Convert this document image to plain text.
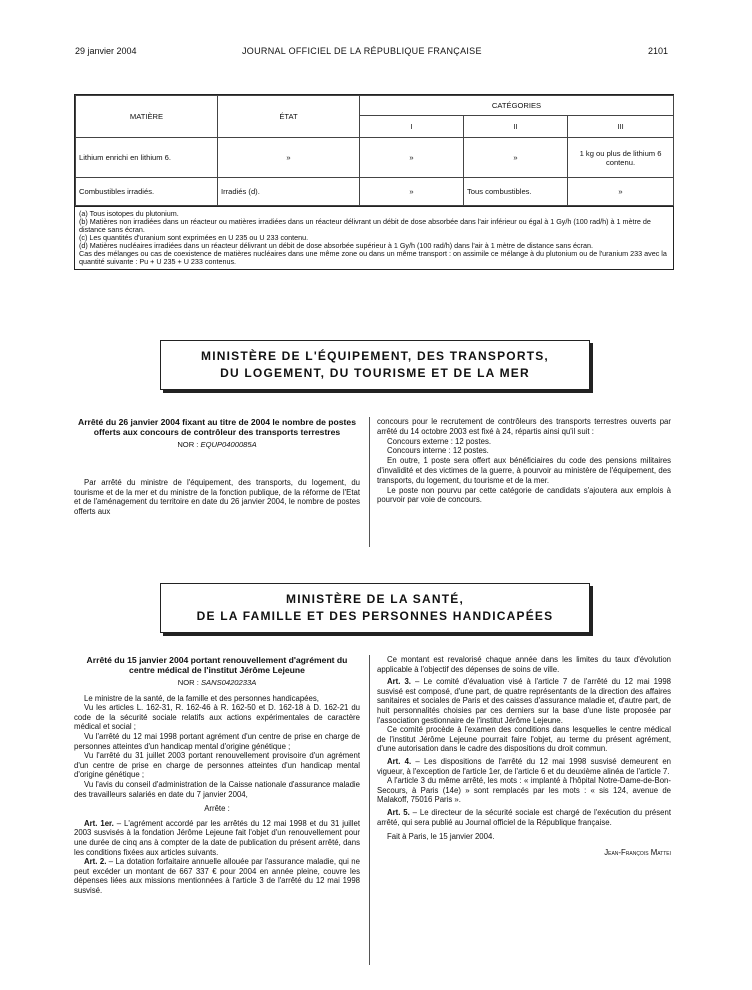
29 janvier 2004	JOURNAL OFFICIEL DE LA RÉPUBLIQUE FRANÇAISE	2101
MATIÈRE	ÉTAT	CATÉGORIES		
		I	II	III
Lithium enrichi en lithium 6.	»	»	»	1 kg ou plus de lithium 6 contenu.
Combustibles irradiés.	Irradiés (d).	»	Tous combustibles.	»

(a) Tous isotopes du plutonium.

(b) Matières non irradiées dans un réacteur ou matières irradiées dans un réacteur délivrant un débit de dose absorbée dans l'air inférieur ou égal à 1 Gy/h (100 rad/h) à 1 mètre de distance sans écran.

(c) Les quantités d'uranium sont exprimées en U 235 ou U 233 contenu.

(d) Matières nucléaires irradiées dans un réacteur délivrant un débit de dose absorbée supérieur à 1 Gy/h (100 rad/h) dans l'air à 1 mètre de distance sans écran.

Cas des mélanges ou cas de coexistence de matières nucléaires dans une même zone ou dans un même transport : on assimile ce mélange à du plutonium ou de l'uranium 233 avec la quantité suivante : Pu + U 235 + U 233 contenus.

MINISTÈRE DE L'ÉQUIPEMENT, DES TRANSPORTS,
DU LOGEMENT, DU TOURISME ET DE LA MER
Arrêté du 26 janvier 2004 fixant au titre de 2004 le nombre de postes offerts aux concours de contrôleur des transports terrestres
NOR : EQUP0400085A

Par arrêté du ministre de l'équipement, des transports, du logement, du tourisme et de la mer et du ministre de la fonction publique, de la réforme de l'Etat et de l'aménagement du territoire en date du 26 janvier 2004, le nombre de postes offerts aux

concours pour le recrutement de contrôleurs des transports terrestres ouverts par arrêté du 14 octobre 2003 est fixé à 24, répartis ainsi qu'il suit :

Concours externe : 12 postes.

Concours interne : 12 postes.

En outre, 1 poste sera offert aux bénéficiaires du code des pensions militaires d'invalidité et des victimes de la guerre, à pourvoir au ministère de l'équipement, des transports, du logement, du tourisme et de la mer.

Le poste non pourvu par cette catégorie de candidats s'ajoutera aux emplois à pourvoir par voie de concours.

MINISTÈRE DE LA SANTÉ,
DE LA FAMILLE ET DES PERSONNES HANDICAPÉES
Arrêté du 15 janvier 2004 portant renouvellement d'agrément du centre médical de l'institut Jérôme Lejeune
NOR : SANS0420233A

Le ministre de la santé, de la famille et des personnes handicapées,

Vu les articles L. 162-31, R. 162-46 à R. 162-50 et D. 162-18 à D. 162-21 du code de la sécurité sociale relatifs aux actions expérimentales de caractère médical et social ;

Vu l'arrêté du 12 mai 1998 portant agrément d'un centre de prise en charge de personnes atteintes d'un handicap mental d'origine génétique ;

Vu l'arrêté du 31 juillet 2003 portant renouvellement provisoire d'un agrément d'un centre de prise en charge de personnes atteintes d'un handicap mental d'origine génétique ;

Vu l'avis du conseil d'administration de la Caisse nationale d'assurance maladie des travailleurs salariés en date du 7 janvier 2004,

Arrête :

Art. 1er. – L'agrément accordé par les arrêtés du 12 mai 1998 et du 31 juillet 2003 susvisés à la fondation Jérôme Lejeune fait l'objet d'un renouvellement pour une durée de cinq ans à compter de la date de publication du présent arrêté, dans les conditions fixées aux articles suivants.

Art. 2. – La dotation forfaitaire annuelle allouée par l'assurance maladie, qui ne peut excéder un montant de 667 337 € pour 2004 en année pleine, couvre les dépenses liées aux missions mentionnées à l'article 3 de l'arrêté du 12 mai 1998 susvisé.

Ce montant est revalorisé chaque année dans les limites du taux d'évolution applicable à l'objectif des dépenses de soins de ville.

Art. 3. – Le comité d'évaluation visé à l'article 7 de l'arrêté du 12 mai 1998 susvisé est composé, d'une part, de quatre représentants de la direction des affaires sanitaires et sociales de Paris et des caisses d'assurance maladie et, d'autre part, de huit personnalités choisies par ces derniers sur la base d'une liste proposée par l'association gestionnaire de l'institut Jérôme Lejeune.

Ce comité procède à l'examen des conditions dans lesquelles le centre médical de l'institut Jérôme Lejeune pourrait faire l'objet, au terme du présent agrément, d'une autorisation dans le cadre des dispositions du droit commun.

Art. 4. – Les dispositions de l'arrêté du 12 mai 1998 susvisé demeurent en vigueur, à l'exception de l'article 1er, de l'article 6 et du deuxième alinéa de l'article 7.

A l'article 3 du même arrêté, les mots : « implanté à l'hôpital Notre-Dame-de-Bon-Secours, à Paris (14e) » sont remplacés par les mots : « sis 124, avenue de Malakoff, 75016 Paris ».

Art. 5. – Le directeur de la sécurité sociale est chargé de l'exécution du présent arrêté, qui sera publié au Journal officiel de la République française.

Fait à Paris, le 15 janvier 2004.

Jean-François Mattei
